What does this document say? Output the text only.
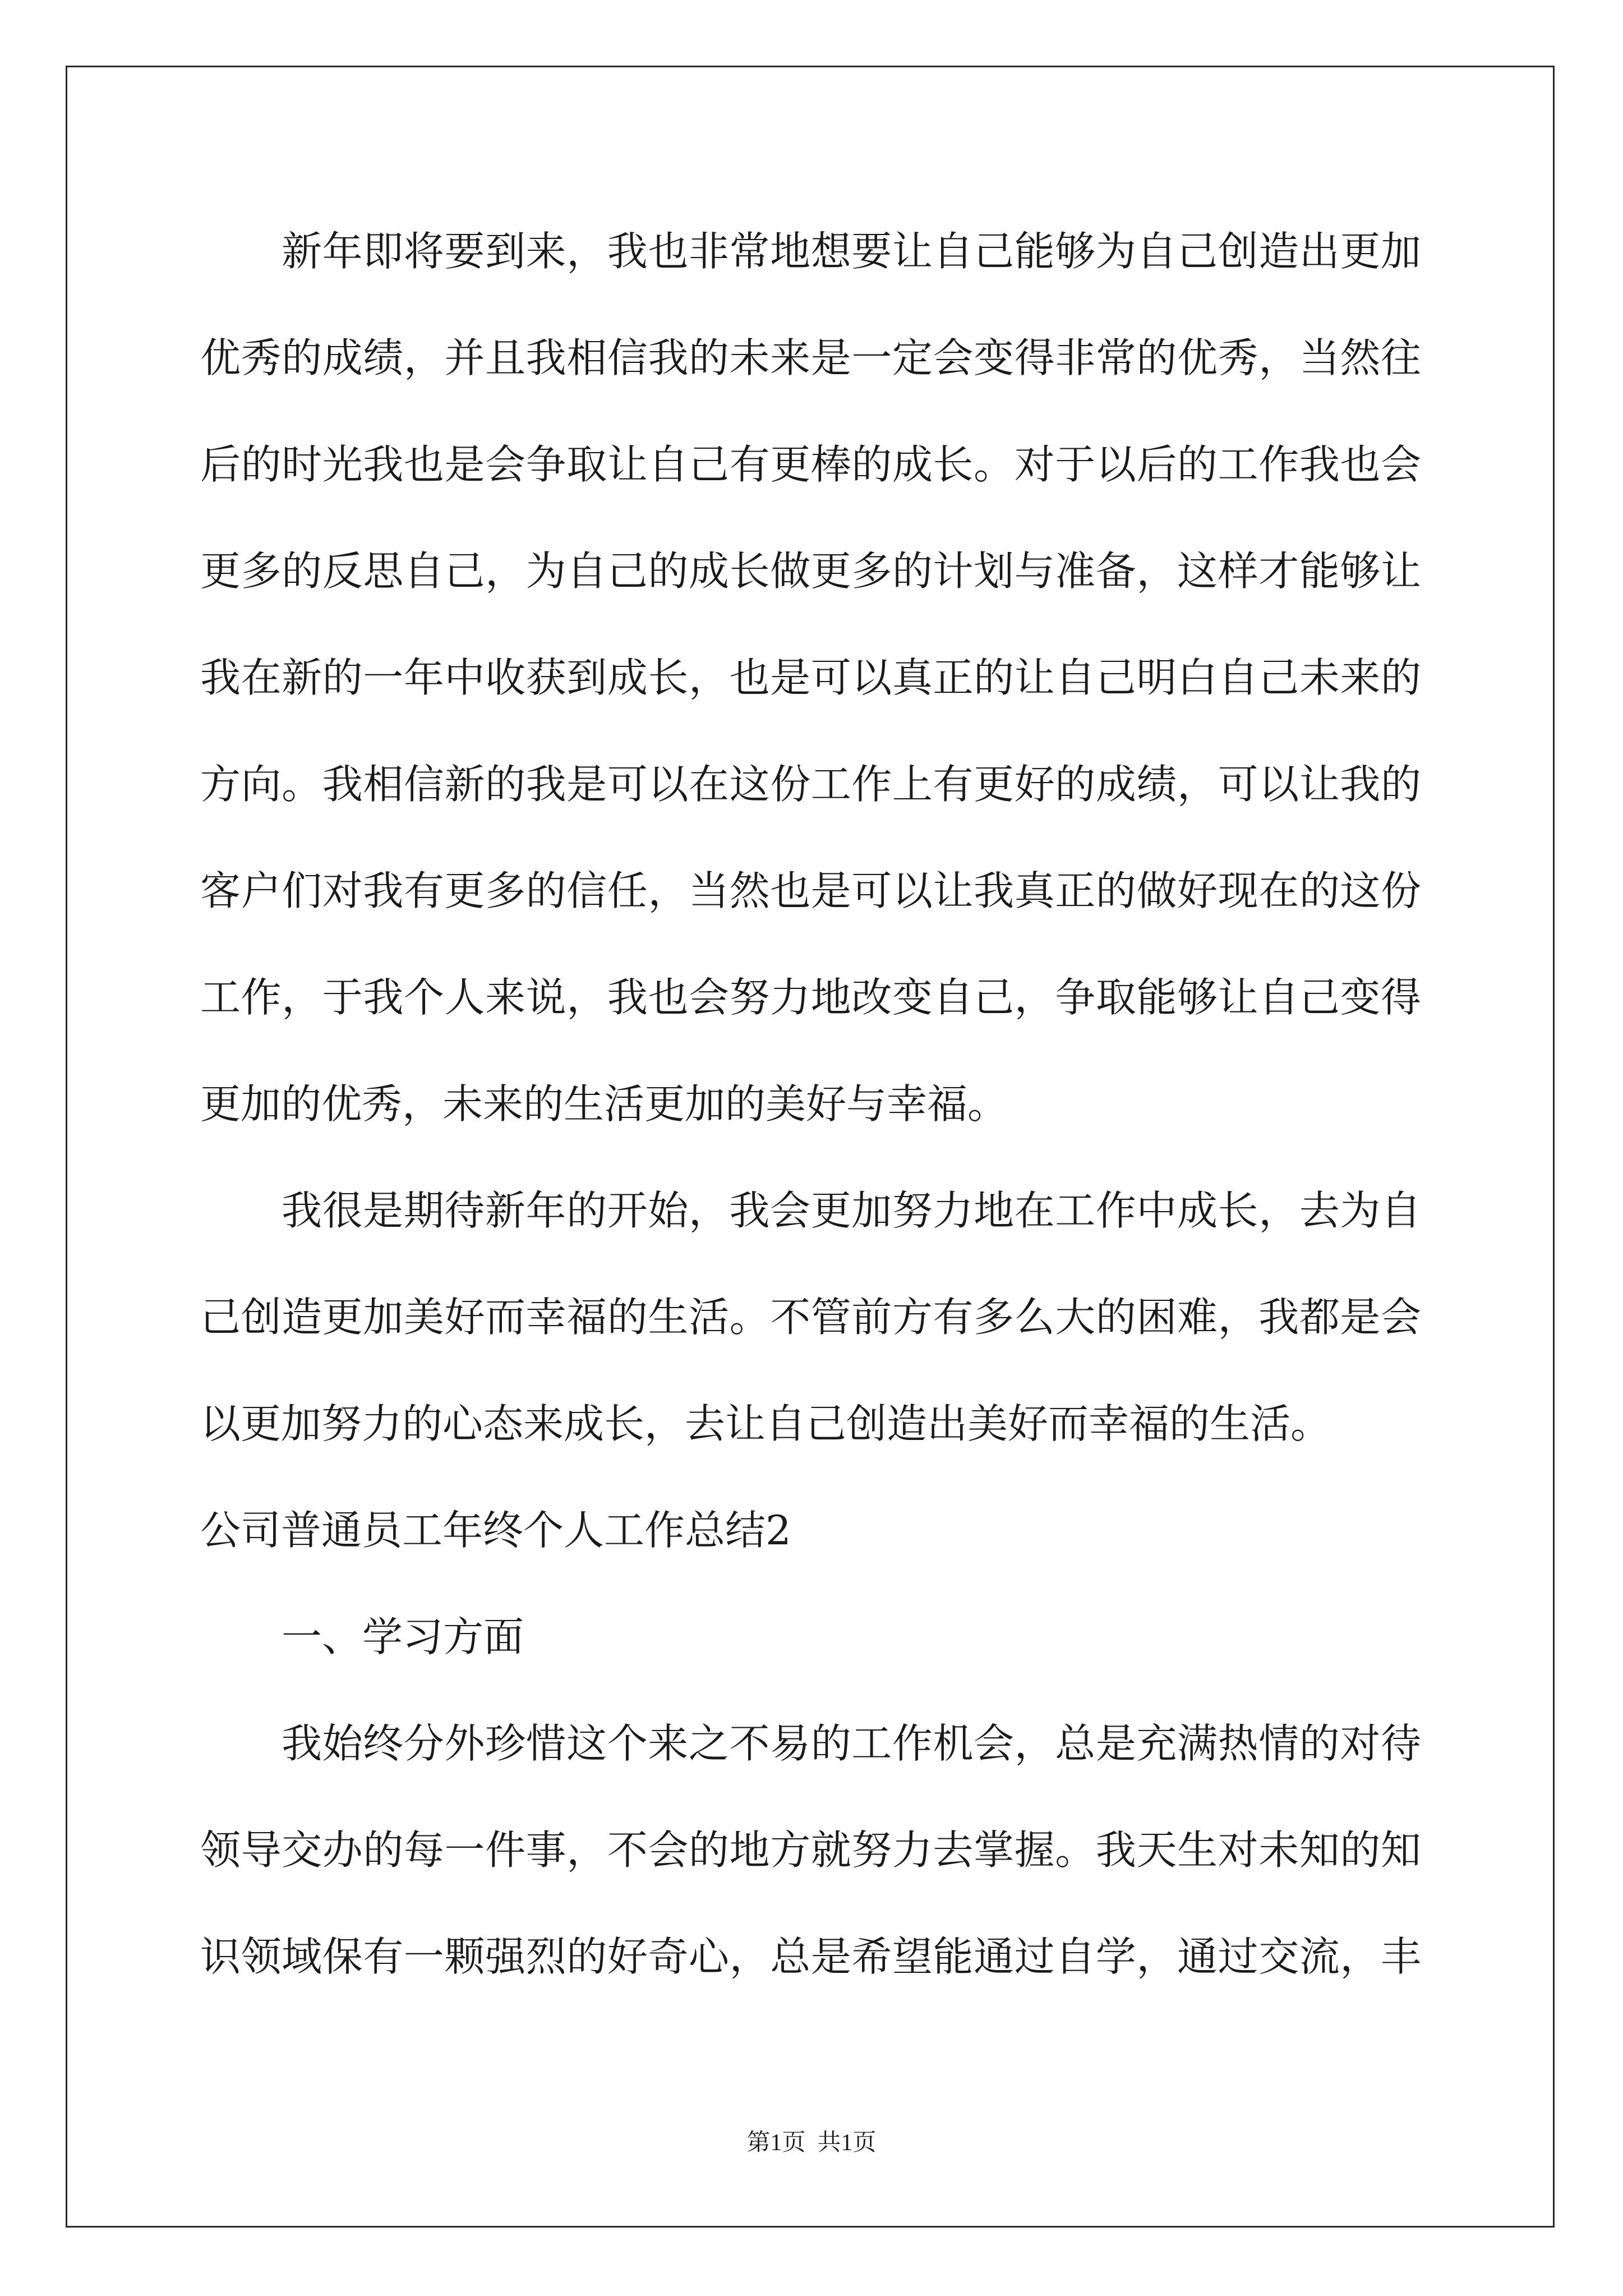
新年即将要到来，我也非常地想要让自己能够为自己创造出更加
优秀的成绩，并且我相信我的未来是一定会变得非常的优秀，当然往
后的时光我也是会争取让自己有更棒的成长。对于以后的工作我也会
更多的反思自己，为自己的成长做更多的计划与准备，这样才能够让
我在新的一年中收获到成长，也是可以真正的让自己明白自己未来的
方向。我相信新的我是可以在这份工作上有更好的成绩，可以让我的
客户们对我有更多的信任，当然也是可以让我真正的做好现在的这份
工作，于我个人来说，我也会努力地改变自己，争取能够让自己变得
更加的优秀，未来的生活更加的美好与幸福。
我很是期待新年的开始，我会更加努力地在工作中成长，去为自
己创造更加美好而幸福的生活。不管前方有多么大的困难，我都是会
以更加努力的心态来成长，去让自己创造出美好而幸福的生活。
公司普通员工年终个人工作总结2
一、学习方面
我始终分外珍惜这个来之不易的工作机会，总是充满热情的对待
领导交办的每一件事，不会的地方就努力去掌握。我天生对未知的知
识领域保有一颗强烈的好奇心，总是希望能通过自学，通过交流，丰
第1页  共1页
